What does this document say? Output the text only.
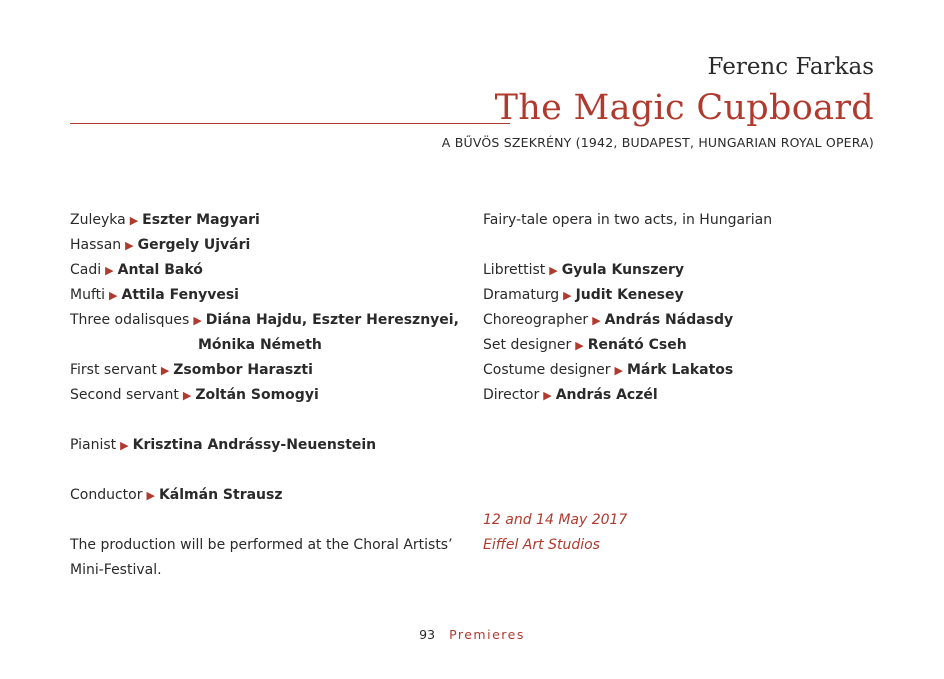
Ferenc Farkas
The Magic Cupboard
A BŰVÖS SZEKRÉNY (1942, BUDAPEST, HUNGARIAN ROYAL OPERA)
Zuleyka ▶ Eszter Magyari
Hassan ▶ Gergely Ujvári
Cadi ▶ Antal Bakó
Mufti ▶ Attila Fenyvesi
Three odalisques ▶ Diána Hajdu, Eszter Heresznyei,
Mónika Németh
First servant ▶ Zsombor Haraszti
Second servant ▶ Zoltán Somogyi
Pianist ▶ Krisztina Andrássy-Neuenstein
Conductor ▶ Kálmán Strausz
The production will be performed at the Choral Artists’
Mini-Festival.
Fairy-tale opera in two acts, in Hungarian
Librettist ▶ Gyula Kunszery
Dramaturg ▶ Judit Kenesey
Choreographer ▶ András Nádasdy
Set designer ▶ Renátó Cseh
Costume designer ▶ Márk Lakatos
Director ▶ András Aczél
12 and 14 May 2017
Eiffel Art Studios
93 Premieres
